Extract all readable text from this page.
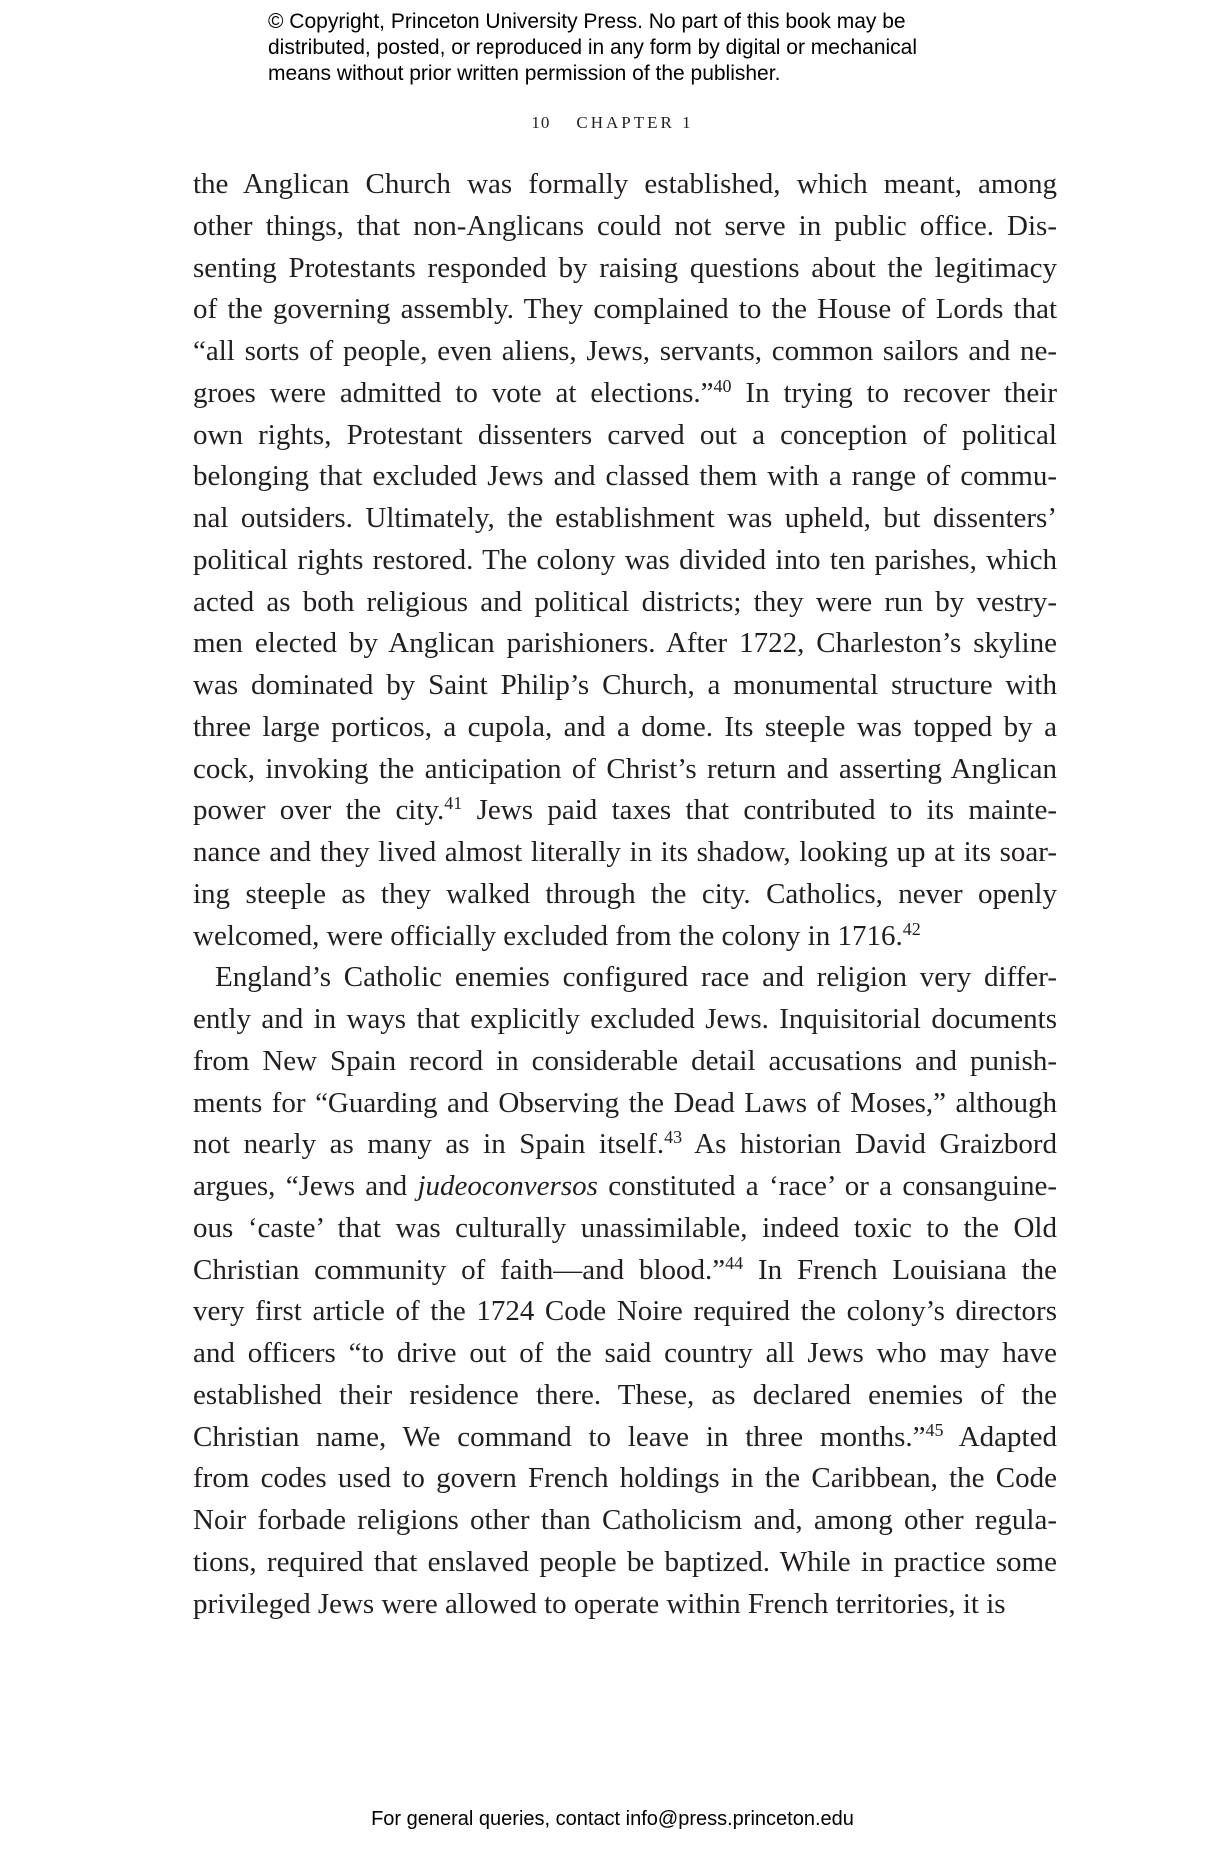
© Copyright, Princeton University Press. No part of this book may be
distributed, posted, or reproduced in any form by digital or mechanical
means without prior written permission of the publisher.
10 CHAPTER 1
the Anglican Church was formally established, which meant, among
other things, that non-Anglicans could not serve in public office. Dis-
senting Protestants responded by raising questions about the legitimacy
of the governing assembly. They complained to the House of Lords that
“all sorts of people, even aliens, Jews, servants, common sailors and ne-
groes were admitted to vote at elections.”$^{40}$ In trying to recover their
own rights, Protestant dissenters carved out a conception of political
belonging that excluded Jews and classed them with a range of commu-
nal outsiders. Ultimately, the establishment was upheld, but dissenters’
political rights restored. The colony was divided into ten parishes, which
acted as both religious and political districts; they were run by vestry-
men elected by Anglican parishioners. After 1722, Charleston’s skyline
was dominated by Saint Philip’s Church, a monumental structure with
three large porticos, a cupola, and a dome. Its steeple was topped by a
cock, invoking the anticipation of Christ’s return and asserting Anglican
power over the city.$^{41}$ Jews paid taxes that contributed to its mainte-
nance and they lived almost literally in its shadow, looking up at its soar-
ing steeple as they walked through the city. Catholics, never openly
welcomed, were officially excluded from the colony in 1716.42
England’s Catholic enemies configured race and religion very differ-
ently and in ways that explicitly excluded Jews. Inquisitorial documents
from New Spain record in considerable detail accusations and punish-
ments for “Guarding and Observing the Dead Laws of Moses,” although
not nearly as many as in Spain itself.$^{43}$ As historian David Graizbord
argues, “Jews and judeoconversos constituted a ‘race’ or a consanguine-
ous ‘caste’ that was culturally unassimilable, indeed toxic to the Old
Christian community of faith—and blood.”$^{44}$ In French Louisiana the
very first article of the 1724 Code Noire required the colony’s directors
and officers “to drive out of the said country all Jews who may have
established their residence there. These, as declared enemies of the
Christian name, We command to leave in three months.”$^{45}$ Adapted
from codes used to govern French holdings in the Caribbean, the Code
Noir forbade religions other than Catholicism and, among other regula-
tions, required that enslaved people be baptized. While in practice some
privileged Jews were allowed to operate within French territories, it is
For general queries, contact info@press.princeton.edu
